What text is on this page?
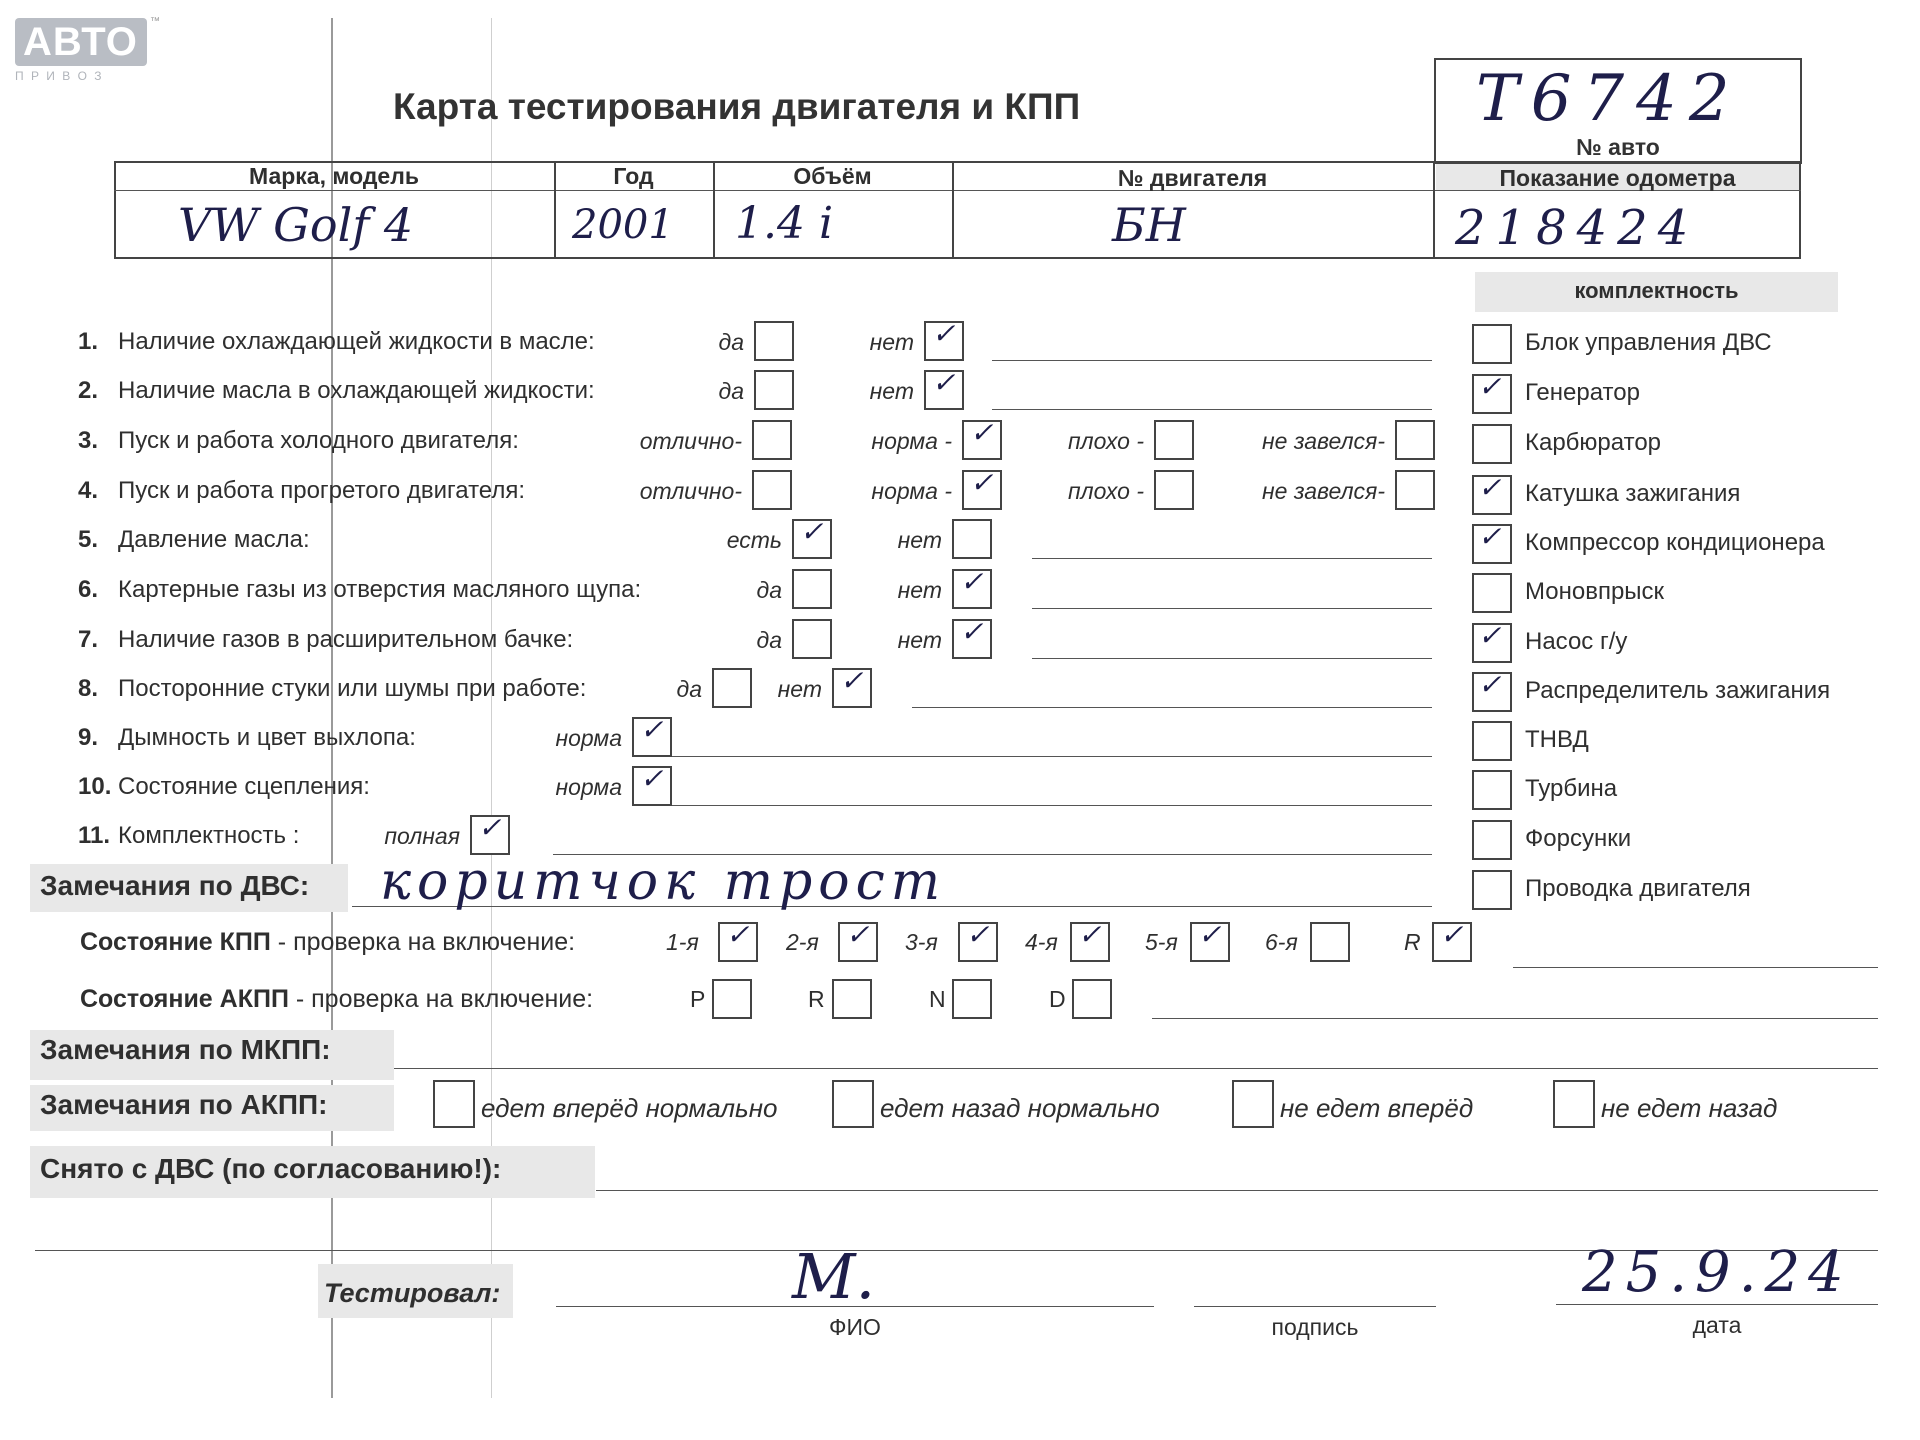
АВТО ™
П Р И В О З
Карта тестирования двигателя и КПП	T6742
№ авто
Марка, модель	Год	Объём	№ двигателя	Показание одометра
VW Golf 4	2001 1.4 i	БН	218424
комплектность
Блок управления ДВС
✓ Генератор
Карбюратор
✓ Катушка зажигания
✓ Компрессор кондиционера
Моновпрыск
✓ Насос г/у
✓ Распределитель зажигания
ТНВД
Турбина
Форсунки
Проводка двигателя
1. Наличие охлаждающей жидкости в масле:	да	нет ✓
2. Наличие масла в охлаждающей жидкости:	да	нет ✓
3. Пуск и работа холодного двигателя:	отлично-	норма - ✓	плохо -	не завелся-
4. Пуск и работа прогретого двигателя:	отлично-	норма - ✓	плохо -	не завелся-
5. Давление масла:	есть ✓	нет
6. Картерные газы из отверстия масляного щупа:	да	нет ✓
7. Наличие газов в расширительном бачке:	да	нет ✓
8. Посторонние стуки или шумы при работе:	да	нет ✓
9. Дымность и цвет выхлопа:	норма ✓
10. Состояние сцепления:	норма ✓
11. Комплектность :	полная ✓
Замечания по ДВС: коритчок трост
Состояние КПП - проверка на включение:	1-я ✓ 2-я ✓ 3-я ✓ 4-я ✓ 5-я ✓ 6-я	R ✓
Состояние АКПП - проверка на включение:	P	R	N	D
Замечания по МКПП:
Замечания по АКПП:	едет вперёд нормально	едет назад нормально	не едет вперёд	не едет назад
Снято с ДВС (по согласованию!):
Тестировал:	М.
ФИО	подпись
25.9.24
дата
